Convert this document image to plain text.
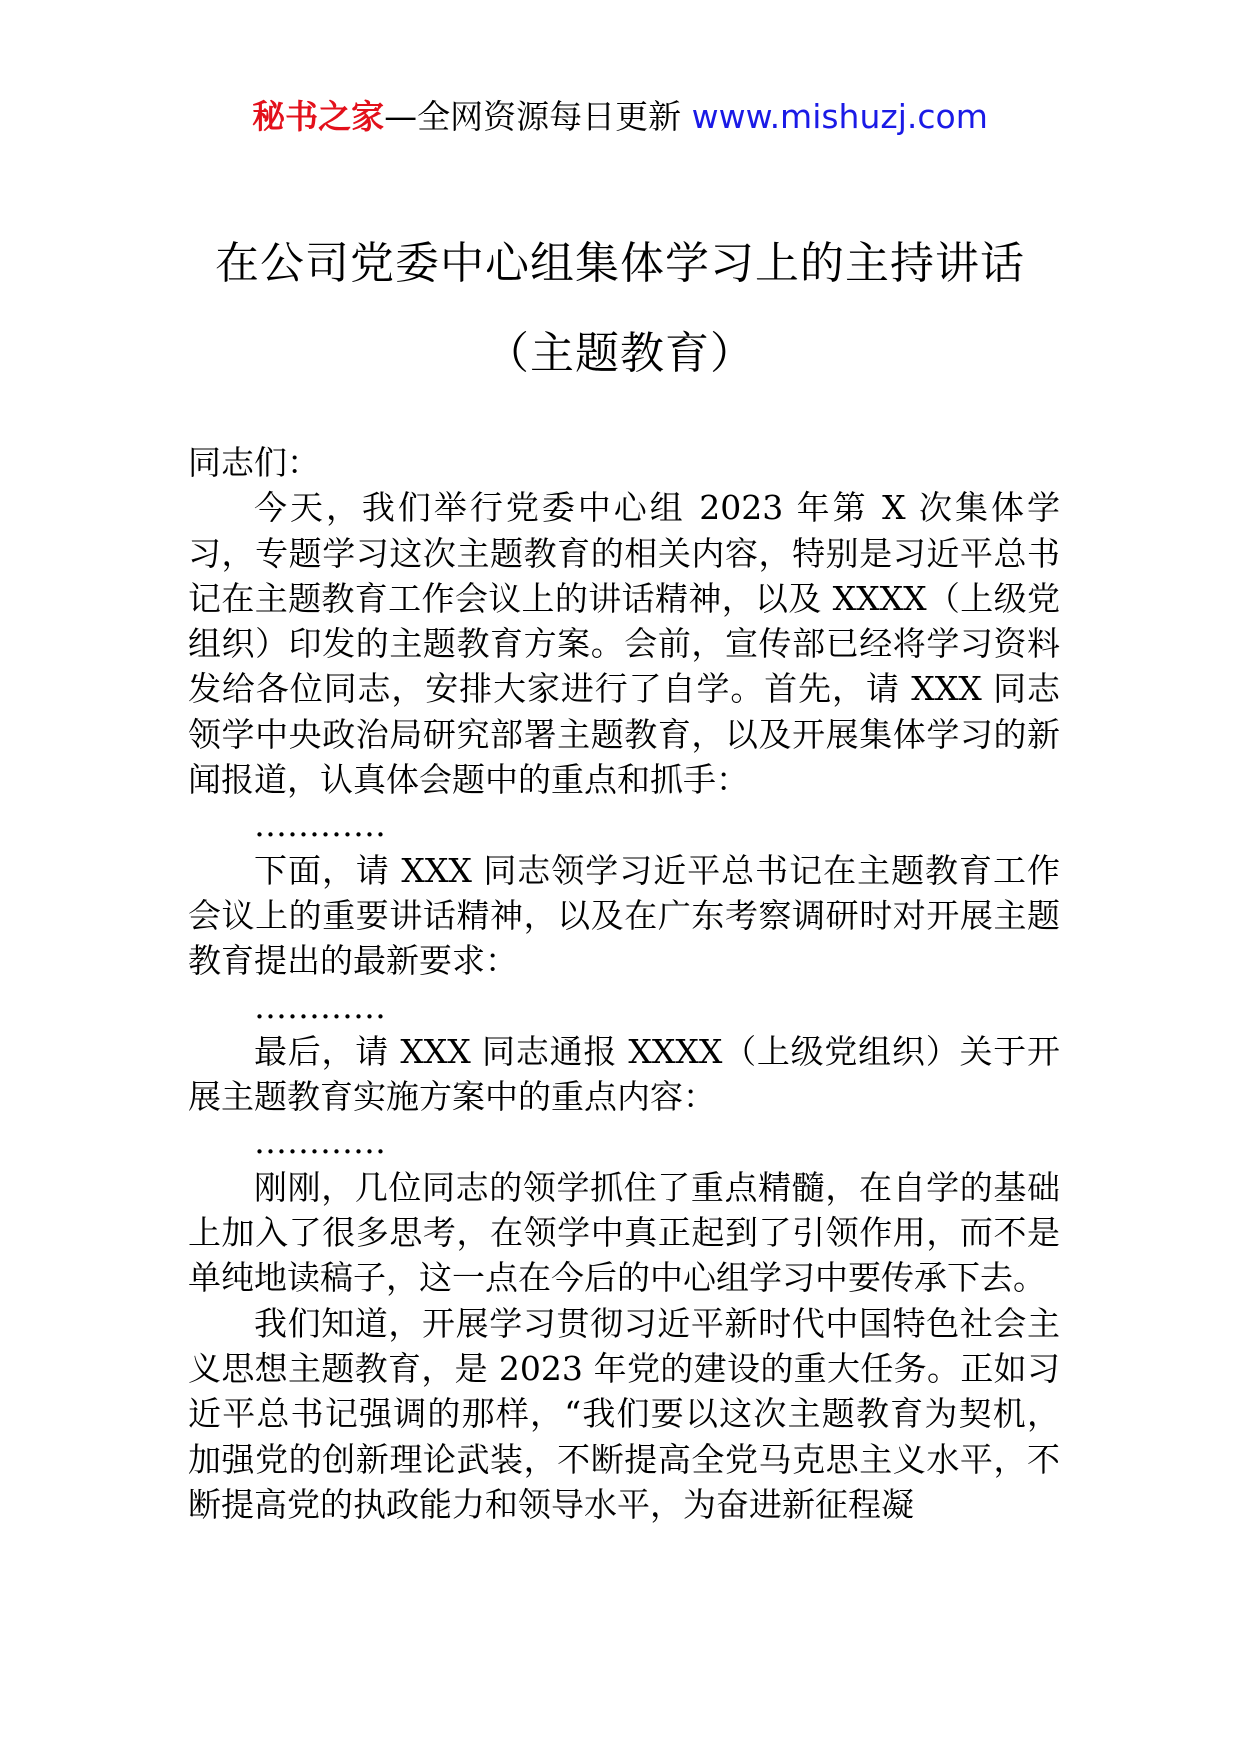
秘书之家—全网资源每日更新 www.mishuzj.com
在公司党委中心组集体学习上的主持讲话
（主题教育）

同志们：

今天，我们举行党委中心组 2023 年第 X 次集体学习，专题学习这次主题教育的相关内容，特别是习近平总书记在主题教育工作会议上的讲话精神，以及 XXXX（上级党组织）印发的主题教育方案。会前，宣传部已经将学习资料发给各位同志，安排大家进行了自学。首先，请 XXX 同志领学中央政治局研究部署主题教育，以及开展集体学习的新闻报道，认真体会题中的重点和抓手：

…………

下面，请 XXX 同志领学习近平总书记在主题教育工作会议上的重要讲话精神，以及在广东考察调研时对开展主题教育提出的最新要求：

…………

最后，请 XXX 同志通报 XXXX（上级党组织）关于开展主题教育实施方案中的重点内容：

…………

刚刚，几位同志的领学抓住了重点精髓，在自学的基础上加入了很多思考，在领学中真正起到了引领作用，而不是单纯地读稿子，这一点在今后的中心组学习中要传承下去。

我们知道，开展学习贯彻习近平新时代中国特色社会主义思想主题教育，是 2023 年党的建设的重大任务。正如习近平总书记强调的那样，“我们要以这次主题教育为契机，加强党的创新理论武装，不断提高全党马克思主义水平，不断提高党的执政能力和领导水平，为奋进新征程凝
